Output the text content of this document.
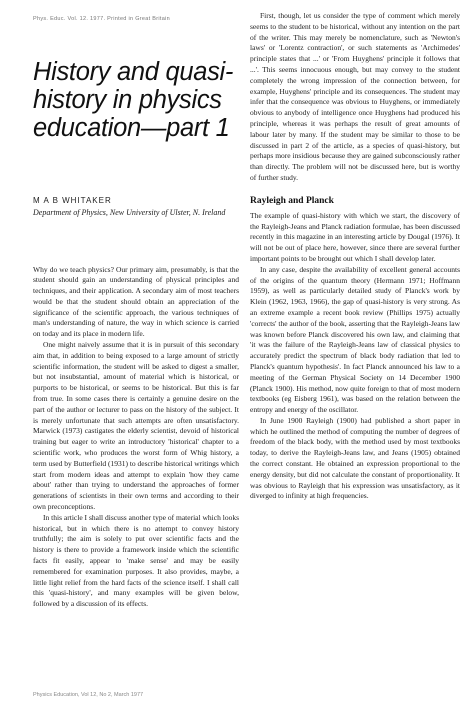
Phys. Educ. Vol. 12. 1977. Printed in Great Britain
History and quasi-history in physics education—part 1
M A B WHITAKER
Department of Physics, New University of Ulster, N. Ireland

Why do we teach physics? Our primary aim, presumably, is that the student should gain an understanding of physical principles and techniques, and their application. A secondary aim of most teachers would be that the student should obtain an appreciation of the significance of the scientific approach, the various techniques of man's understanding of nature, the way in which science is carried on today and its place in modern life.

One might naively assume that it is in pursuit of this secondary aim that, in addition to being exposed to a large amount of strictly scientific information, the student will be asked to digest a smaller, but not insubstantial, amount of material which is historical, or purports to be historical, or seems to be historical. But this is far from true. In some cases there is certainly a genuine desire on the part of the author or lecturer to pass on the history of the subject. It is merely unfortunate that such attempts are often unsatisfactory. Marwick (1973) castigates the elderly scientist, devoid of historical training but eager to write an introductory 'historical' chapter to a scientific work, who produces the worst form of Whig history, a term used by Butterfield (1931) to describe historical writings which start from modern ideas and attempt to explain 'how they came about' rather than trying to understand the approaches of former generations of scientists in their own terms and according to their own preconceptions.

In this article I shall discuss another type of material which looks historical, but in which there is no attempt to convey history truthfully; the aim is solely to put over scientific facts and the history is there to provide a framework inside which the scientific facts fit easily, appear to 'make sense' and may be easily remembered for examination purposes. It also provides, maybe, a little light relief from the hard facts of the science itself. I shall call this 'quasi-history', and many examples will be given below, followed by a discussion of its effects.

First, though, let us consider the type of comment which merely seems to the student to be historical, without any intention on the part of the writer. This may merely be nomenclature, such as 'Newton's laws' or 'Lorentz contraction', or such statements as 'Archimedes' principle states that ...' or 'From Huyghens' principle it follows that ...'. This seems innocuous enough, but may convey to the student completely the wrong impression of the connection between, for example, Huyghens' principle and its consequences. The student may infer that the consequence was obvious to Huyghens, or immediately obvious to anybody of intelligence once Huyghens had produced his principle, whereas it was perhaps the result of great amounts of labour later by many. If the student may be similar to those to be discussed in part 2 of the article, as a species of quasi-history, but perhaps more insidious because they are gained subconsciously rather than directly. The problem will not be discussed here, but is worthy of further study.

Rayleigh and Planck

The example of quasi-history with which we start, the discovery of the Rayleigh-Jeans and Planck radiation formulae, has been discussed recently in this magazine in an interesting article by Dougal (1976). It will not be out of place here, however, since there are several further important points to be brought out which I shall develop later.

In any case, despite the availability of excellent general accounts of the origins of the quantum theory (Hermann 1971; Hoffmann 1959), as well as particularly detailed study of Planck's work by Klein (1962, 1963, 1966), the gap of quasi-history is very strong. As an extreme example a recent book review (Phillips 1975) actually 'corrects' the author of the book, asserting that the Rayleigh-Jeans law was known before Planck discovered his own law, and claiming that 'it was the failure of the Rayleigh-Jeans law of classical physics to accurately predict the spectrum of black body radiation that led to Planck's quantum hypothesis'. In fact Planck announced his law to a meeting of the German Physical Society on 14 December 1900 (Planck 1900). His method, now quite foreign to that of most modern textbooks (eg Eisberg 1961), was based on the relation between the entropy and energy of the oscillator.

In June 1900 Rayleigh (1900) had published a short paper in which he outlined the method of computing the number of degrees of freedom of the black body, with the method used by most textbooks today, to derive the Rayleigh-Jeans law, and Jeans (1905) obtained the correct constant. He obtained an expression proportional to the energy density, but did not calculate the constant of proportionality. It was obvious to Rayleigh that his expression was unsatisfactory, as it diverged to infinity at high frequencies.

Physics Education, Vol 12, No 2, March 1977
